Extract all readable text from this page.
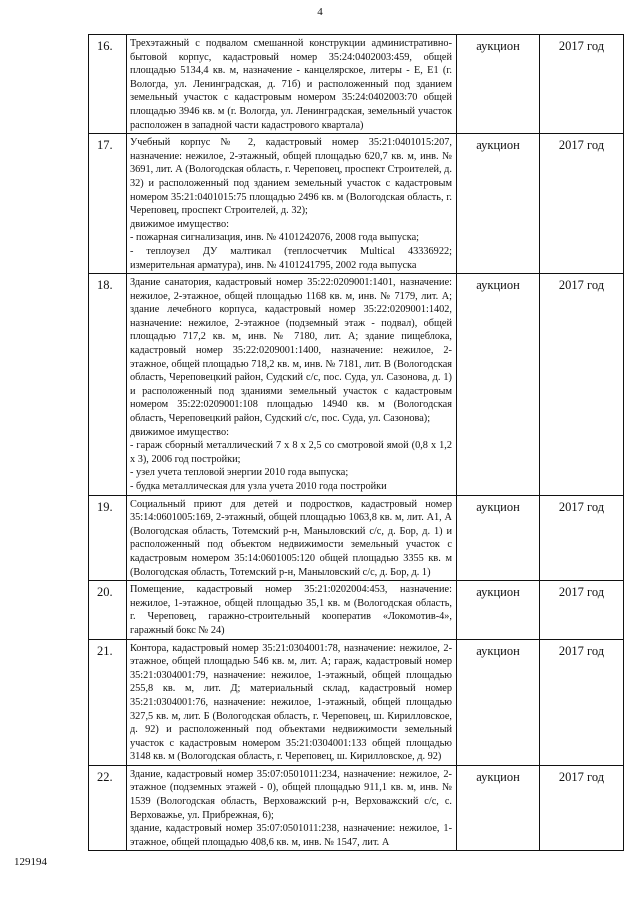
4
16.	Трехэтажный с подвалом смешанной конструкции административно-бытовой корпус, кадастровый номер 35:24:0402003:459, общей площадью 5134,4 кв. м, назначение - канцелярское, литеры - Е, Е1 (г. Вологда, ул. Ленинградская, д. 71б) и расположенный под зданием земельный участок с кадастровым номером 35:24:0402003:70 общей площадью 3946 кв. м (г. Вологда, ул. Ленинградская, земельный участок расположен в западной части кадастрового квартала)	аукцион	2017 год
17.	Учебный корпус № 2, кадастровый номер 35:21:0401015:207, назначение: нежилое, 2-этажный, общей площадью 620,7 кв. м, инв. № 3691, лит. А (Вологодская область, г. Череповец, проспект Строителей, д. 32) и расположенный под зданием земельный участок с кадастровым номером 35:21:0401015:75 площадью 2496 кв. м (Вологодская область, г. Череповец, проспект Строителей, д. 32);
движимое имущество:
- пожарная сигнализация, инв. № 4101242076, 2008 года выпуска;
- теплоузел ДУ малтикал (теплосчетчик Multical 43336922; измерительная арматура), инв. № 4101241795, 2002 года выпуска	аукцион	2017 год
18.	Здание санатория, кадастровый номер 35:22:0209001:1401, назначение: нежилое, 2-этажное, общей площадью 1168 кв. м, инв. № 7179, лит. А; здание лечебного корпуса, кадастровый номер 35:22:0209001:1402, назначение: нежилое, 2-этажное (подземный этаж - подвал), общей площадью 717,2 кв. м, инв. № 7180, лит. А; здание пищеблока, кадастровый номер 35:22:0209001:1400, назначение: нежилое, 2-этажное, общей площадью 718,2 кв. м, инв. № 7181, лит. В (Вологодская область, Череповецкий район, Судский с/с, пос. Суда, ул. Сазонова, д. 1) и расположенный под зданиями земельный участок с кадастровым номером 35:22:0209001:108 площадью 14940 кв. м (Вологодская область, Череповецкий район, Судский с/с, пос. Суда, ул. Сазонова);
движимое имущество:
- гараж сборный металлический 7 х 8 х 2,5 со смотровой ямой (0,8 х 1,2 х 3), 2006 год постройки;
- узел учета тепловой энергии 2010 года выпуска;
- будка металлическая для узла учета 2010 года постройки	аукцион	2017 год
19.	Социальный приют для детей и подростков, кадастровый номер 35:14:0601005:169, 2-этажный, общей площадью 1063,8 кв. м, лит. А1, А (Вологодская область, Тотемский р-н, Маныловский с/с, д. Бор, д. 1) и расположенный под объектом недвижимости земельный участок с кадастровым номером 35:14:0601005:120 общей площадью 3355 кв. м (Вологодская область, Тотемский р-н, Маныловский с/с, д. Бор, д. 1)	аукцион	2017 год
20.	Помещение, кадастровый номер 35:21:0202004:453, назначение: нежилое, 1-этажное, общей площадью 35,1 кв. м (Вологодская область, г. Череповец, гаражно-строительный кооператив «Локомотив-4», гаражный бокс № 24)	аукцион	2017 год
21.	Контора, кадастровый номер 35:21:0304001:78, назначение: нежилое, 2-этажное, общей площадью 546 кв. м, лит. А; гараж, кадастровый номер 35:21:0304001:79, назначение: нежилое, 1-этажный, общей площадью 255,8 кв. м, лит. Д; материальный склад, кадастровый номер 35:21:0304001:76, назначение: нежилое, 1-этажный, общей площадью 327,5 кв. м, лит. Б (Вологодская область, г. Череповец, ш. Кирилловское, д. 92) и расположенный под объектами недвижимости земельный участок с кадастровым номером 35:21:0304001:133 общей площадью 3148 кв. м (Вологодская область, г. Череповец, ш. Кирилловское, д. 92)	аукцион	2017 год
22.	Здание, кадастровый номер 35:07:0501011:234, назначение: нежилое, 2-этажное (подземных этажей - 0), общей площадью 911,1 кв. м, инв. № 1539 (Вологодская область, Верховажский р-н, Верховажский с/с, с. Верховажье, ул. Прибрежная, 6);
здание, кадастровый номер 35:07:0501011:238, назначение: нежилое, 1-этажное, общей площадью 408,6 кв. м, инв. № 1547, лит. А	аукцион	2017 год
129194
